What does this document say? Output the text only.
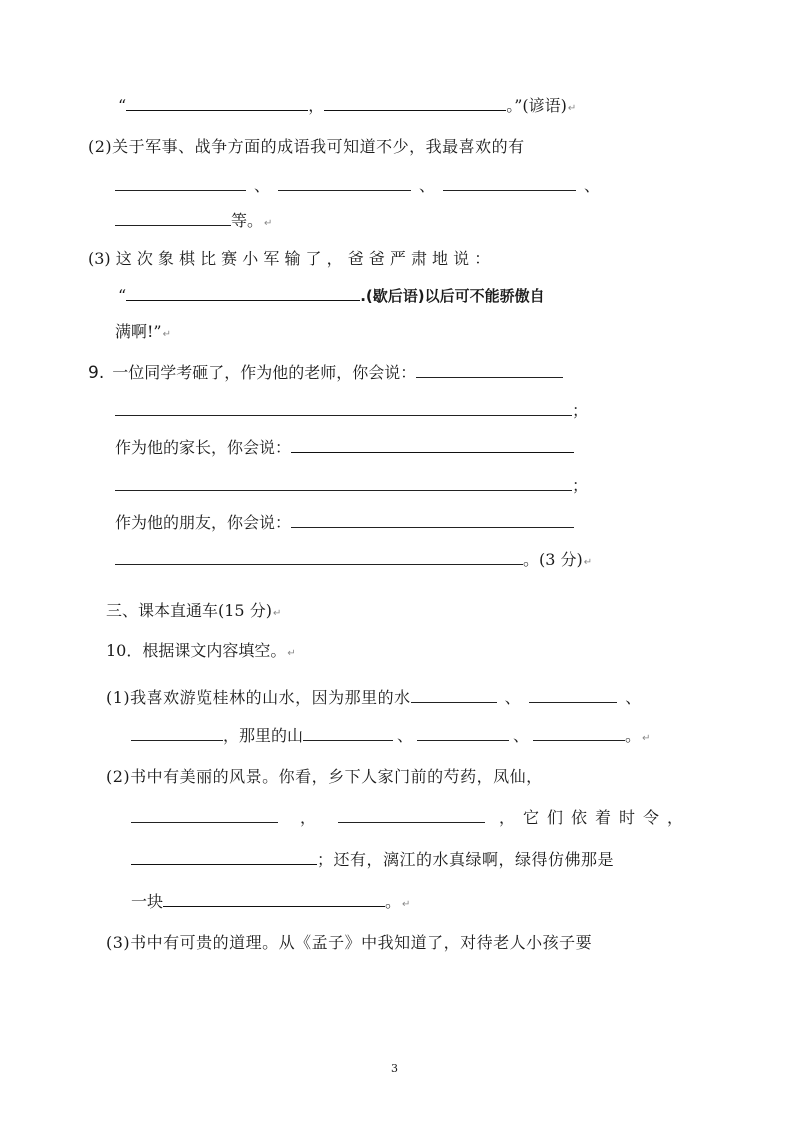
“	，	。”(谚语)↵
(2)关于军事、战争方面的成语我可知道不少，我最喜欢的有
、	、	、
等。↵
(3) 这 次 象 棋 比 赛 小 军 输 了 ， 爸 爸 严 肃 地 说 ：
“	.(歇后语)以后可不能骄傲自
满啊!”↵
9. 一位同学考砸了，作为他的老师，你会说：
；
作为他的家长，你会说：
；
作为他的朋友，你会说：
。(3 分)↵
三、课本直通车(15 分)↵
10．根据课文内容填空。↵
(1)我喜欢游览桂林的山水，因为那里的水	、	、
，那里的山	、	、	。↵
(2)书中有美丽的风景。你看，乡下人家门前的芍药，凤仙，
，	，它们依着时令，
；还有，漓江的水真绿啊，绿得仿佛那是
一块	。↵
(3)书中有可贵的道理。从《孟子》中我知道了，对待老人小孩子要
3
